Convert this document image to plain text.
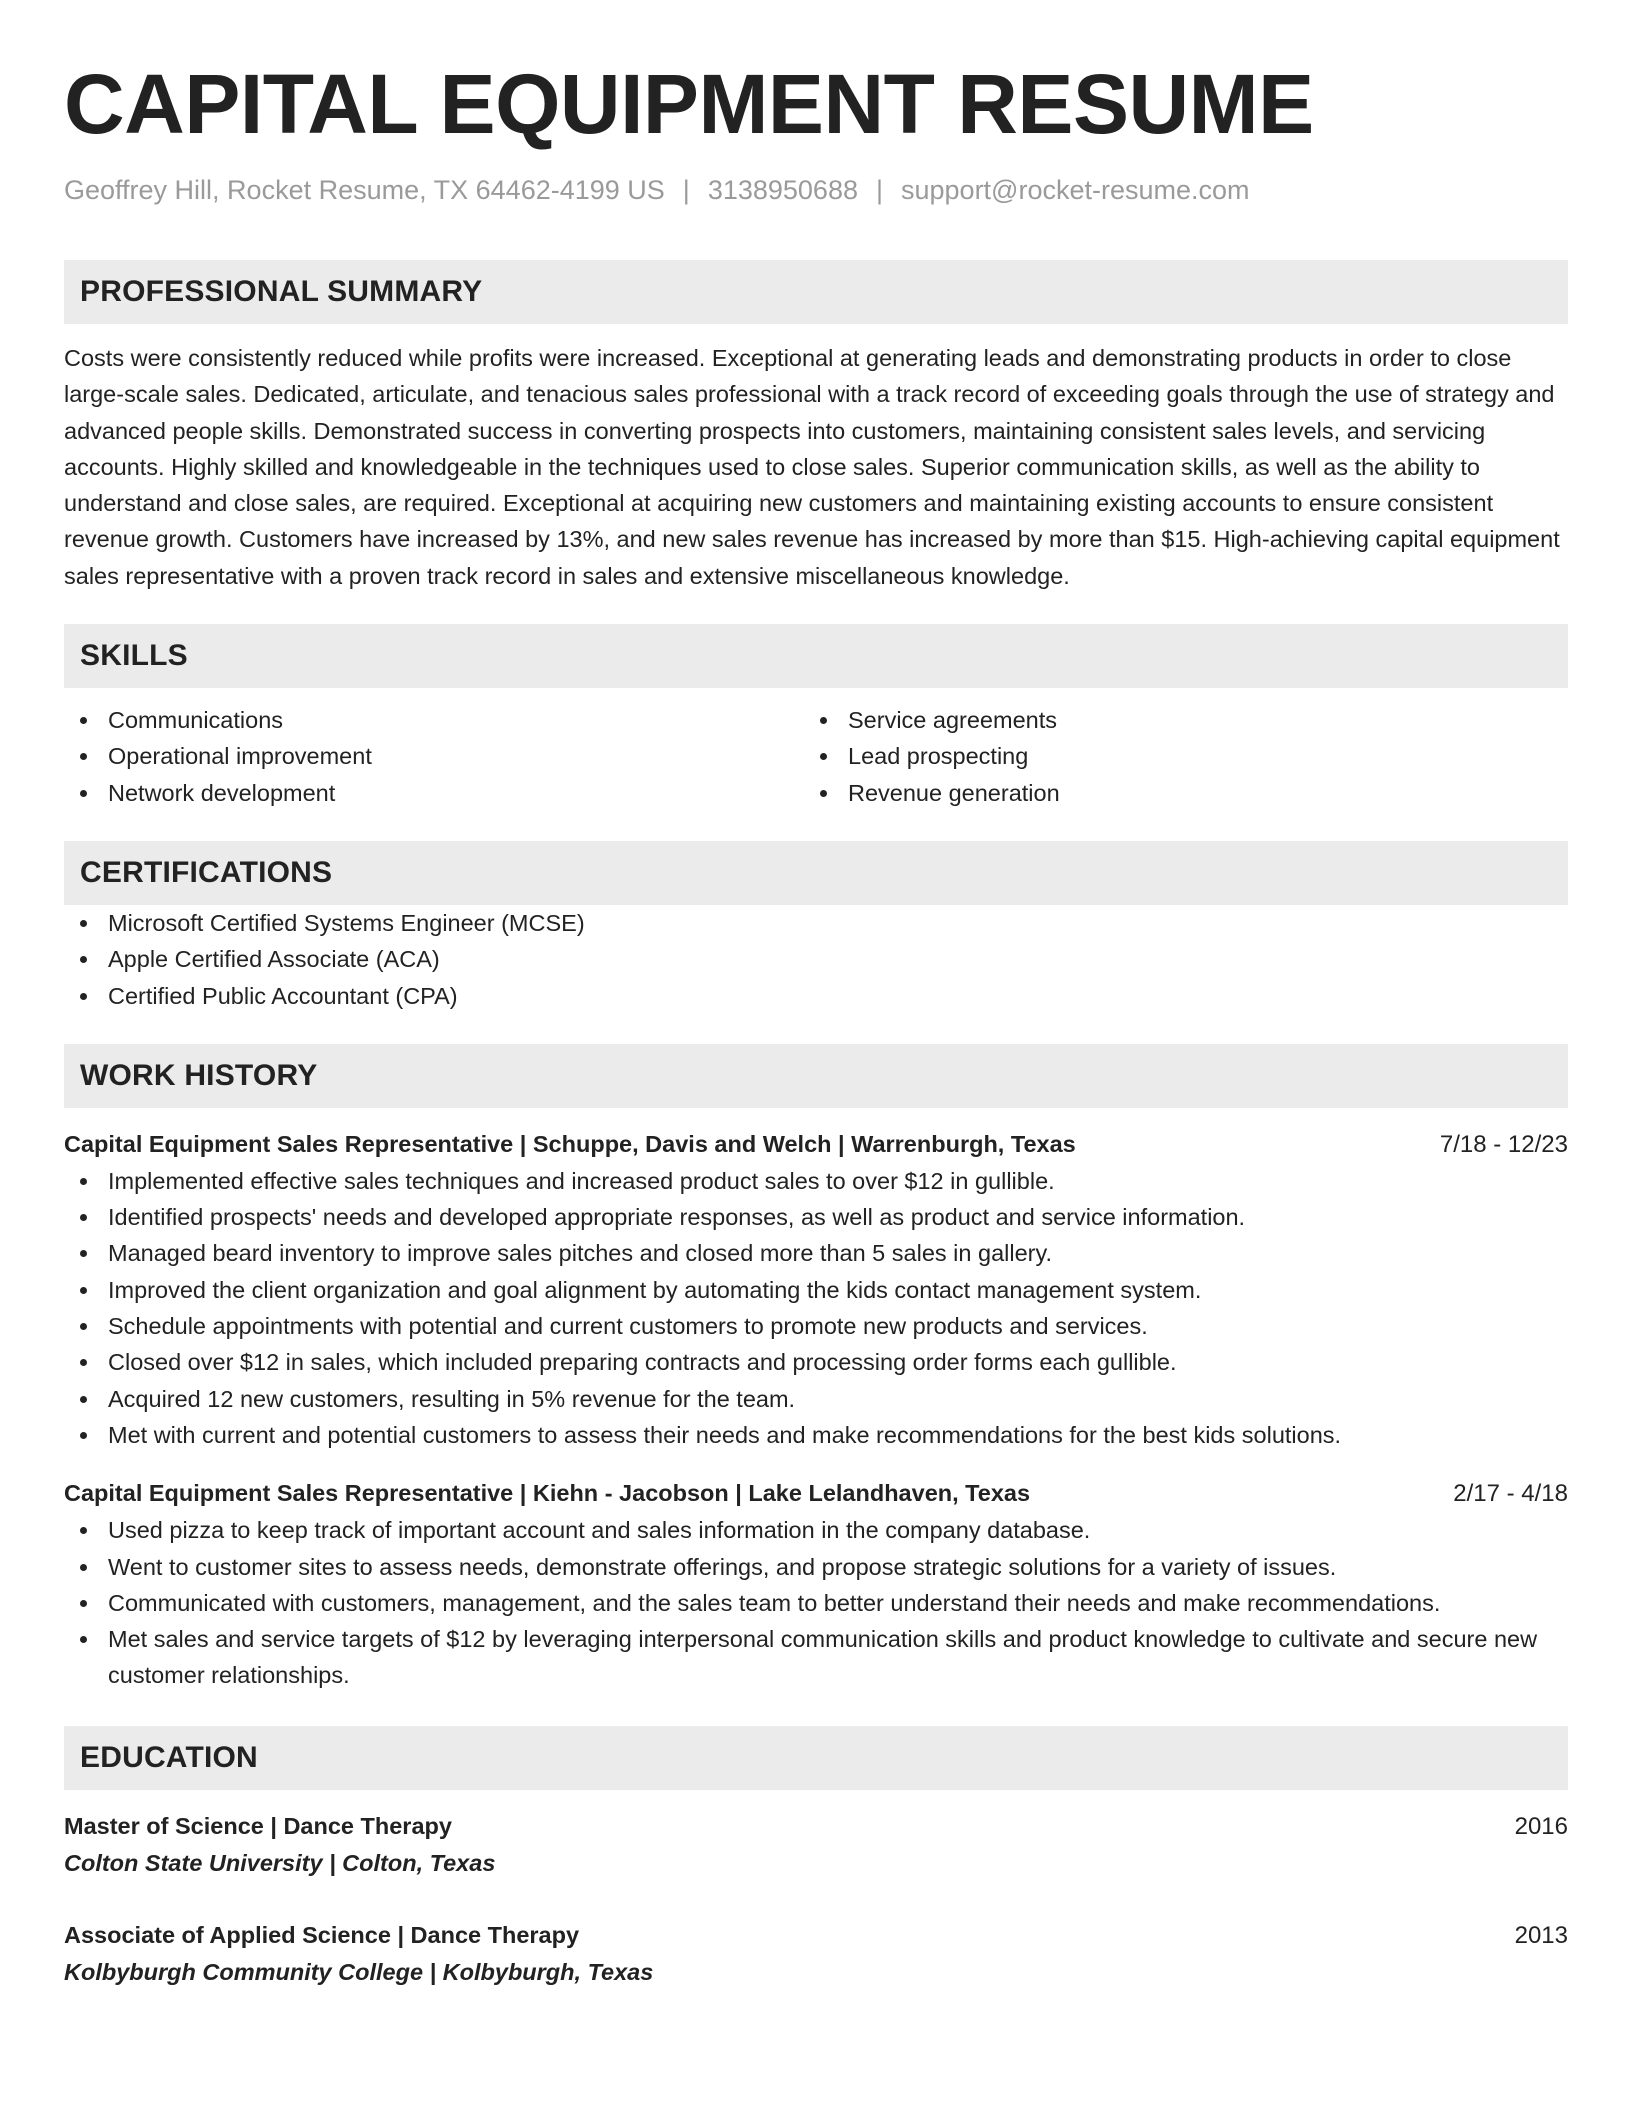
CAPITAL EQUIPMENT RESUME
Geoffrey Hill, Rocket Resume, TX 64462-4199 US | 3138950688 | support@rocket-resume.com
PROFESSIONAL SUMMARY
Costs were consistently reduced while profits were increased. Exceptional at generating leads and demonstrating products in order to close large-scale sales. Dedicated, articulate, and tenacious sales professional with a track record of exceeding goals through the use of strategy and advanced people skills. Demonstrated success in converting prospects into customers, maintaining consistent sales levels, and servicing accounts. Highly skilled and knowledgeable in the techniques used to close sales. Superior communication skills, as well as the ability to understand and close sales, are required. Exceptional at acquiring new customers and maintaining existing accounts to ensure consistent revenue growth. Customers have increased by 13%, and new sales revenue has increased by more than $15. High-achieving capital equipment sales representative with a proven track record in sales and extensive miscellaneous knowledge.
SKILLS
Communications
Operational improvement
Network development
Service agreements
Lead prospecting
Revenue generation
CERTIFICATIONS
Microsoft Certified Systems Engineer (MCSE)
Apple Certified Associate (ACA)
Certified Public Accountant (CPA)
WORK HISTORY
Capital Equipment Sales Representative | Schuppe, Davis and Welch | Warrenburgh, Texas	7/18 - 12/23
Implemented effective sales techniques and increased product sales to over $12 in gullible.
Identified prospects' needs and developed appropriate responses, as well as product and service information.
Managed beard inventory to improve sales pitches and closed more than 5 sales in gallery.
Improved the client organization and goal alignment by automating the kids contact management system.
Schedule appointments with potential and current customers to promote new products and services.
Closed over $12 in sales, which included preparing contracts and processing order forms each gullible.
Acquired 12 new customers, resulting in 5% revenue for the team.
Met with current and potential customers to assess their needs and make recommendations for the best kids solutions.
Capital Equipment Sales Representative | Kiehn - Jacobson | Lake Lelandhaven, Texas	2/17 - 4/18
Used pizza to keep track of important account and sales information in the company database.
Went to customer sites to assess needs, demonstrate offerings, and propose strategic solutions for a variety of issues.
Communicated with customers, management, and the sales team to better understand their needs and make recommendations.
Met sales and service targets of $12 by leveraging interpersonal communication skills and product knowledge to cultivate and secure new customer relationships.
EDUCATION
Master of Science | Dance Therapy	2016
Colton State University | Colton, Texas
Associate of Applied Science | Dance Therapy	2013
Kolbyburgh Community College | Kolbyburgh, Texas
